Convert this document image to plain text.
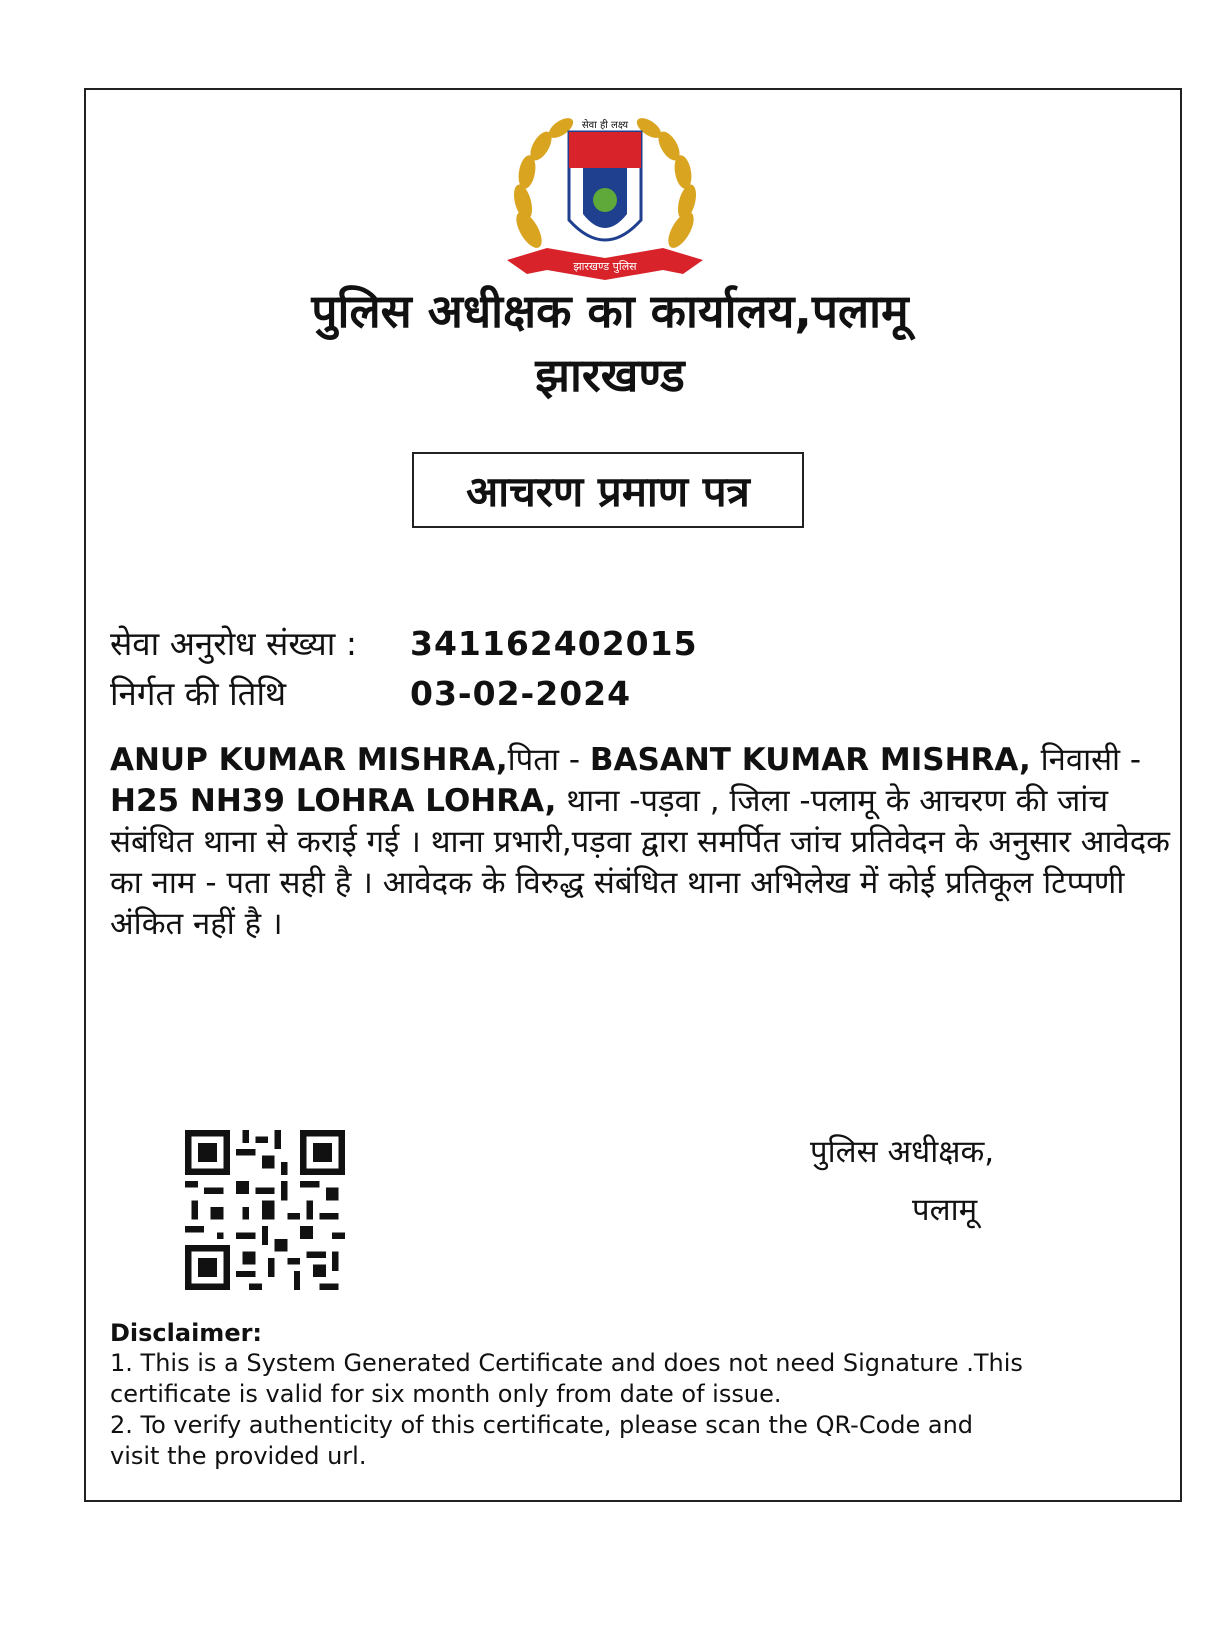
सेवा ही लक्ष्य
झारखण्ड पुलिस
पुलिस अधीक्षक का कार्यालय,पलामू
झारखण्ड
आचरण प्रमाण पत्र
सेवा अनुरोध संख्या : 341162402015
निर्गत की तिथि	03-02-2024
ANUP KUMAR MISHRA,पिता - BASANT KUMAR MISHRA, निवासी - H25 NH39 LOHRA LOHRA, थाना -पड़वा , जिला -पलामू के आचरण की जांच संबंधित थाना से कराई गई । थाना प्रभारी,पड़वा द्वारा समर्पित जांच प्रतिवेदन के अनुसार आवेदक का नाम - पता सही है । आवेदक के विरुद्ध संबंधित थाना अभिलेख में कोई प्रतिकूल टिप्पणी अंकित नहीं है ।
पुलिस अधीक्षक,
पलामू
Disclaimer:
1. This is a System Generated Certificate and does not need Signature .This
certificate is valid for six month only from date of issue.
2. To verify authenticity of this certificate, please scan the QR-Code and
visit the provided url.
